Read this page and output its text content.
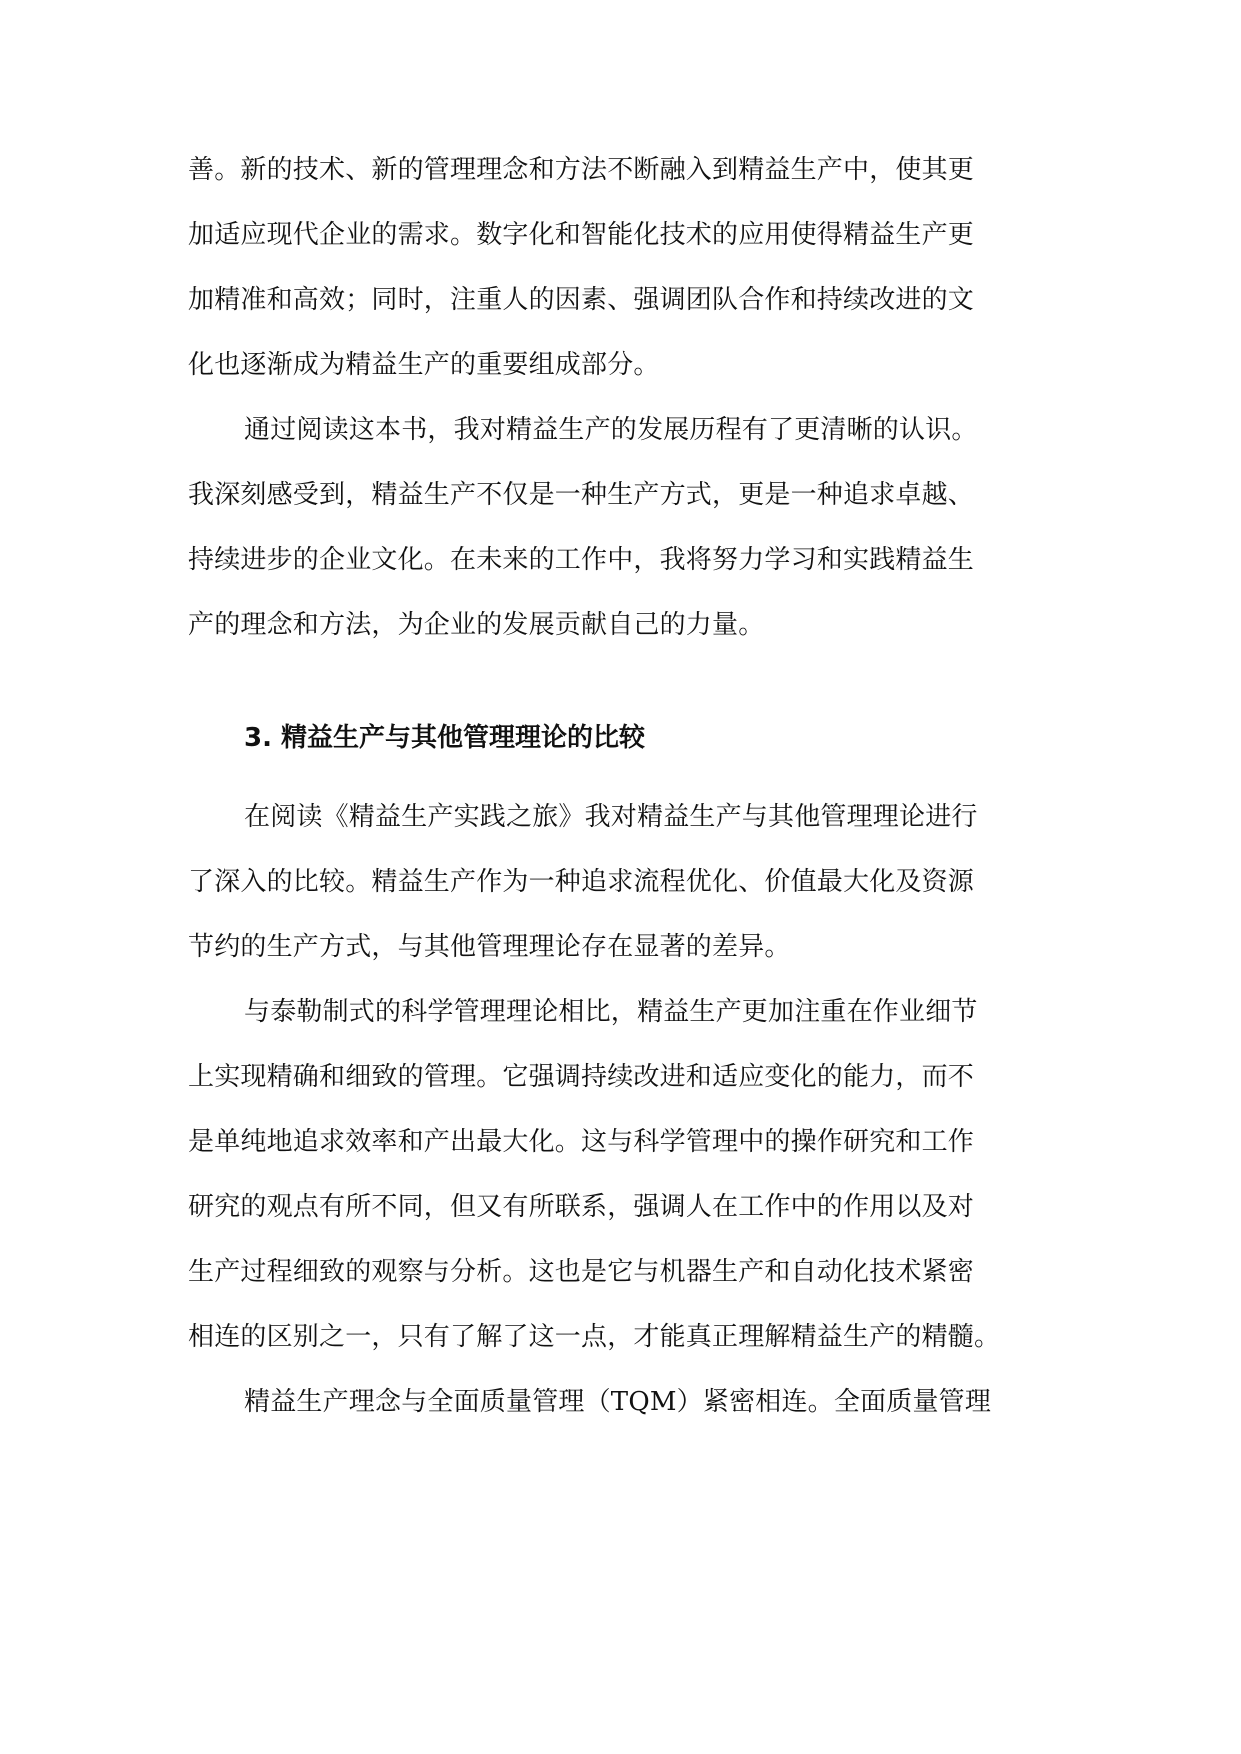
善。新的技术、新的管理理念和方法不断融入到精益生产中，使其更
加适应现代企业的需求。数字化和智能化技术的应用使得精益生产更
加精准和高效；同时，注重人的因素、强调团队合作和持续改进的文
化也逐渐成为精益生产的重要组成部分。
通过阅读这本书，我对精益生产的发展历程有了更清晰的认识。
我深刻感受到，精益生产不仅是一种生产方式，更是一种追求卓越、
持续进步的企业文化。在未来的工作中，我将努力学习和实践精益生
产的理念和方法，为企业的发展贡献自己的力量。
3. 精益生产与其他管理理论的比较
在阅读《精益生产实践之旅》我对精益生产与其他管理理论进行
了深入的比较。精益生产作为一种追求流程优化、价值最大化及资源
节约的生产方式，与其他管理理论存在显著的差异。
与泰勒制式的科学管理理论相比，精益生产更加注重在作业细节
上实现精确和细致的管理。它强调持续改进和适应变化的能力，而不
是单纯地追求效率和产出最大化。这与科学管理中的操作研究和工作
研究的观点有所不同，但又有所联系，强调人在工作中的作用以及对
生产过程细致的观察与分析。这也是它与机器生产和自动化技术紧密
相连的区别之一，只有了解了这一点，才能真正理解精益生产的精髓。
精益生产理念与全面质量管理（TQM）紧密相连。全面质量管理
